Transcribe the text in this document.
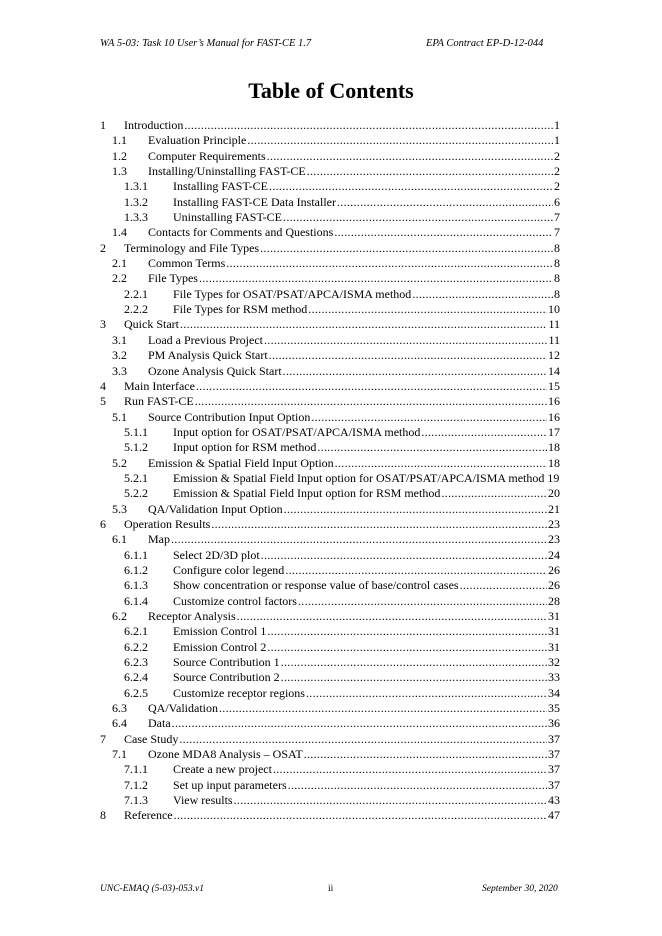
WA 5-03: Task 10 User’s Manual for FAST-CE 1.7	EPA Contract EP-D-12-044
Table of Contents
1	Introduction .....	1
1.1	Evaluation Principle .....	1
1.2	Computer Requirements .....	2
1.3	Installing/Uninstalling FAST-CE .....	2
1.3.1	Installing FAST-CE .....	2
1.3.2	Installing FAST-CE Data Installer .....	6
1.3.3	Uninstalling FAST-CE .....	7
1.4	Contacts for Comments and Questions .....	7
2	Terminology and File Types .....	8
2.1	Common Terms .....	8
2.2	File Types .....	8
2.2.1	File Types for OSAT/PSAT/APCA/ISMA method .....	8
2.2.2	File Types for RSM method .....	10
3	Quick Start .....	11
3.1	Load a Previous Project .....	11
3.2	PM Analysis Quick Start .....	12
3.3	Ozone Analysis Quick Start .....	14
4	Main Interface .....	15
5	Run FAST-CE .....	16
5.1	Source Contribution Input Option .....	16
5.1.1	Input option for OSAT/PSAT/APCA/ISMA method .....	17
5.1.2	Input option for RSM method .....	18
5.2	Emission & Spatial Field Input Option .....	18
5.2.1 Emission & Spatial Field Input option for OSAT/PSAT/APCA/ISMA method 19
5.2.2	Emission & Spatial Field Input option for RSM method .....	20
5.3	QA/Validation Input Option .....	21
6	Operation Results .....	23
6.1	Map .....	23
6.1.1	Select 2D/3D plot .....	24
6.1.2	Configure color legend .....	26
6.1.3	Show concentration or response value of base/control cases .....	26
6.1.4	Customize control factors .....	28
6.2	Receptor Analysis .....	31
6.2.1	Emission Control 1 .....	31
6.2.2	Emission Control 2 .....	31
6.2.3	Source Contribution 1 .....	32
6.2.4	Source Contribution 2 .....	33
6.2.5	Customize receptor regions .....	34
6.3	QA/Validation .....	35
6.4	Data .....	36
7	Case Study .....	37
7.1	Ozone MDA8 Analysis – OSAT .....	37
7.1.1	Create a new project .....	37
7.1.2	Set up input parameters .....	37
7.1.3	View results .....	43
8	Reference .....	47
UNC-EMAQ (5-03)-053.v1	ii	September 30, 2020
